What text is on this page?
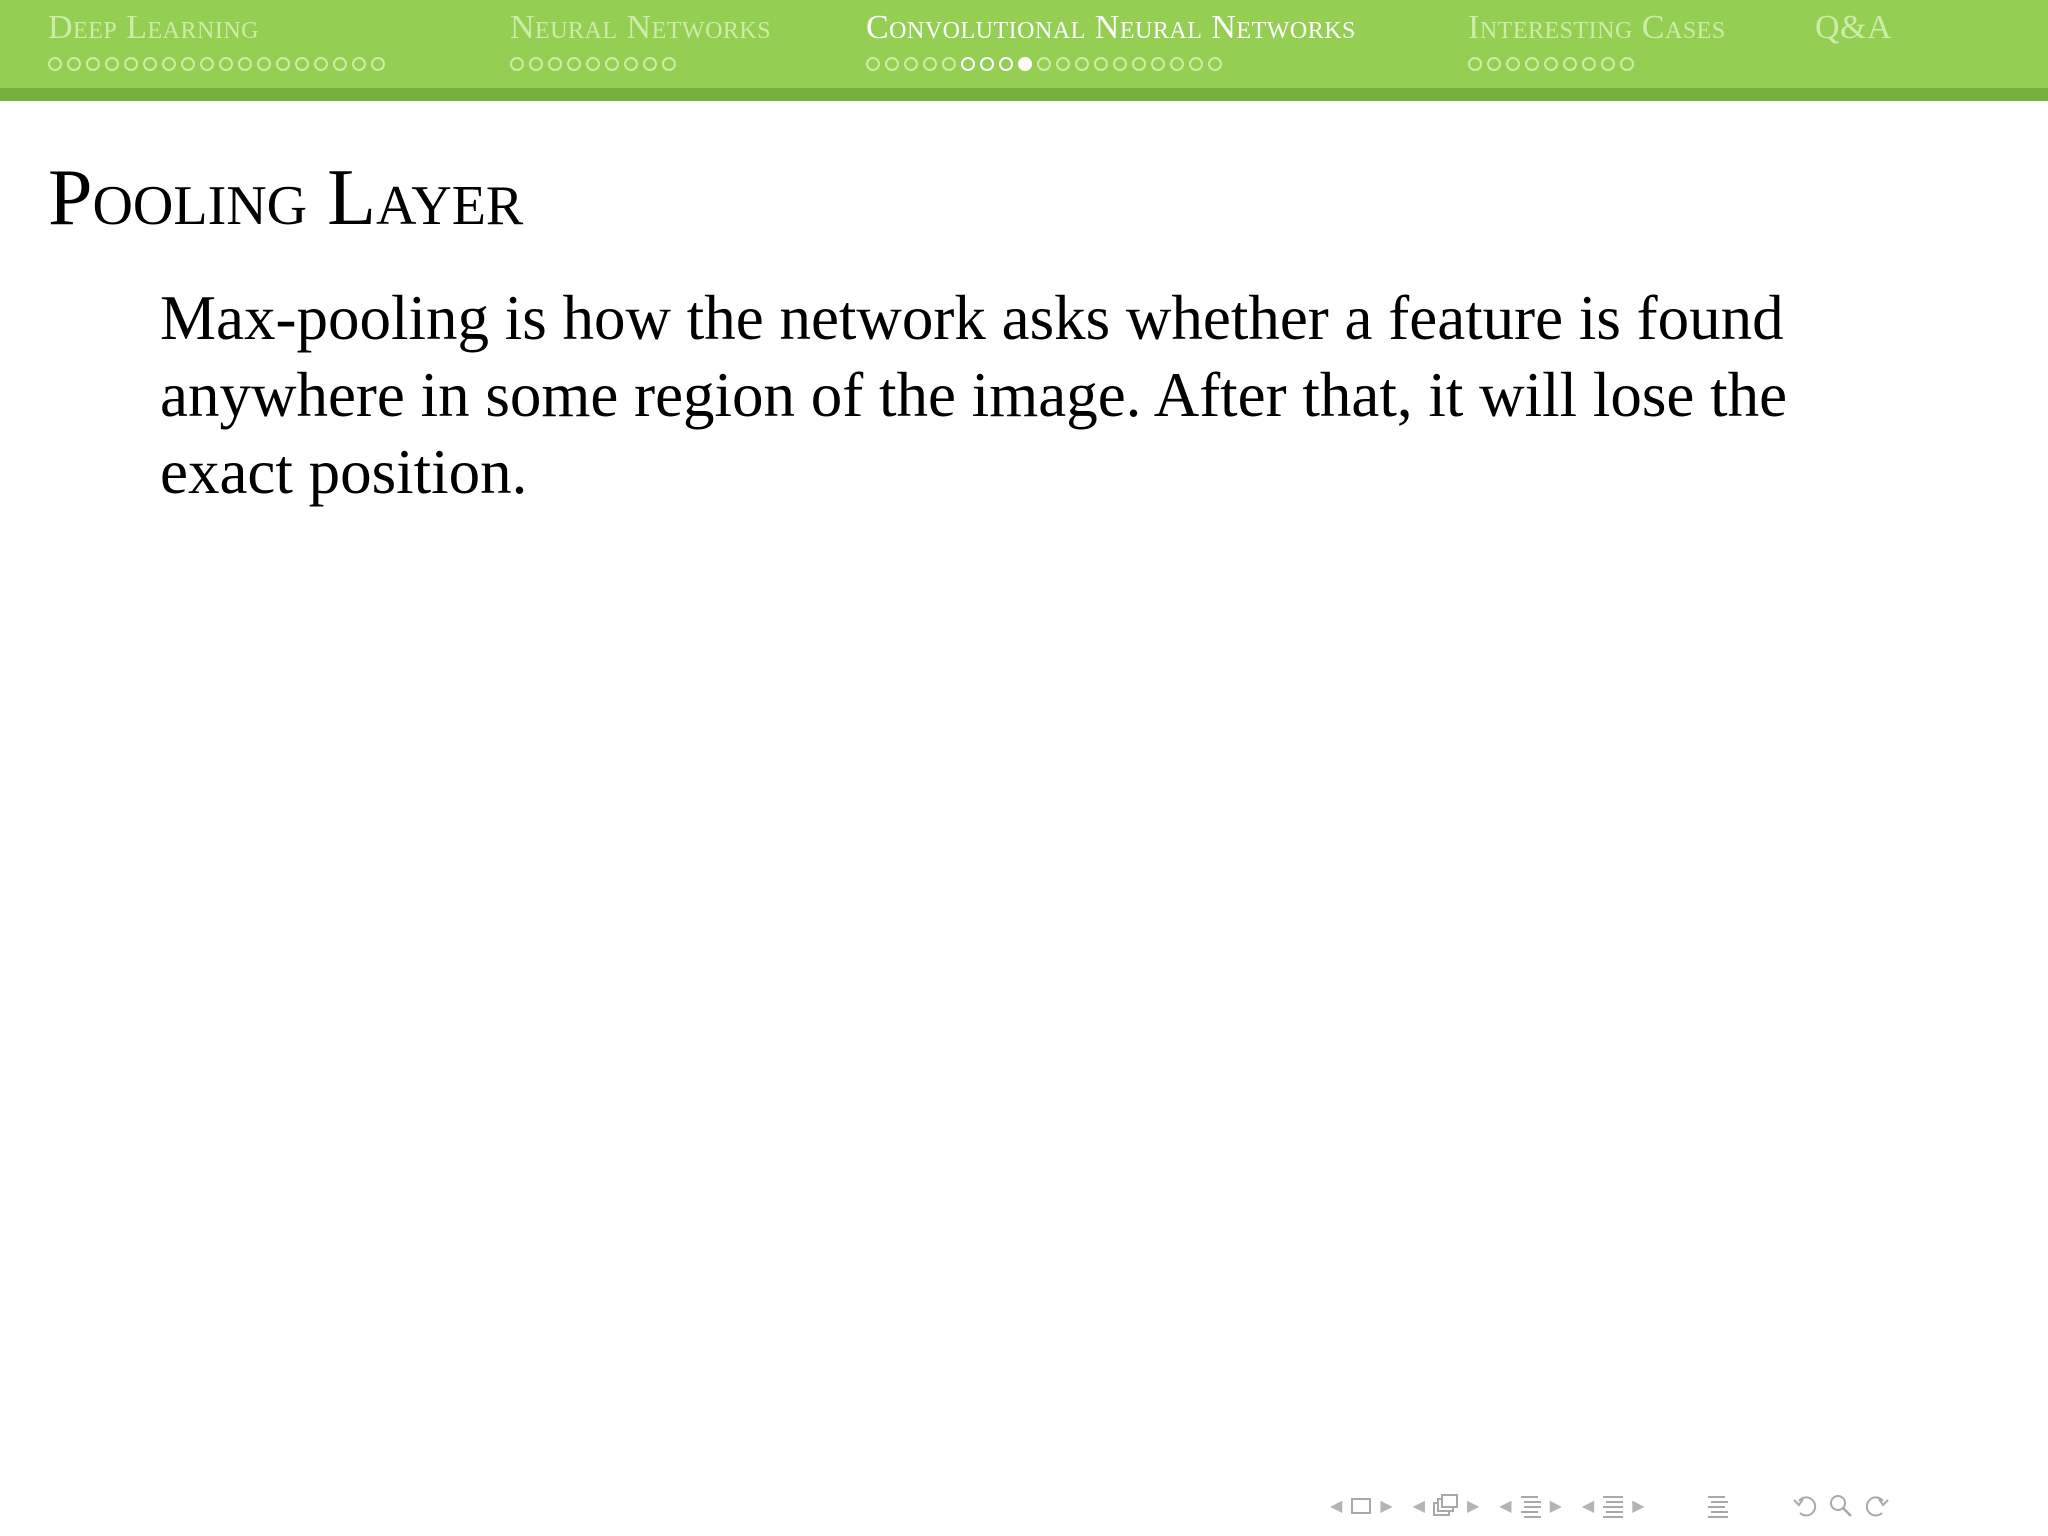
Deep Learning	Neural Networks	Convolutional Neural Networks	Interesting Cases	Q&A
Pooling Layer
Max-pooling is how the network asks whether a feature is found anywhere in some region of the image. After that, it will lose the exact position.
◀ ▶ ◀	▶ ◀ ▶ ◀ ▶
